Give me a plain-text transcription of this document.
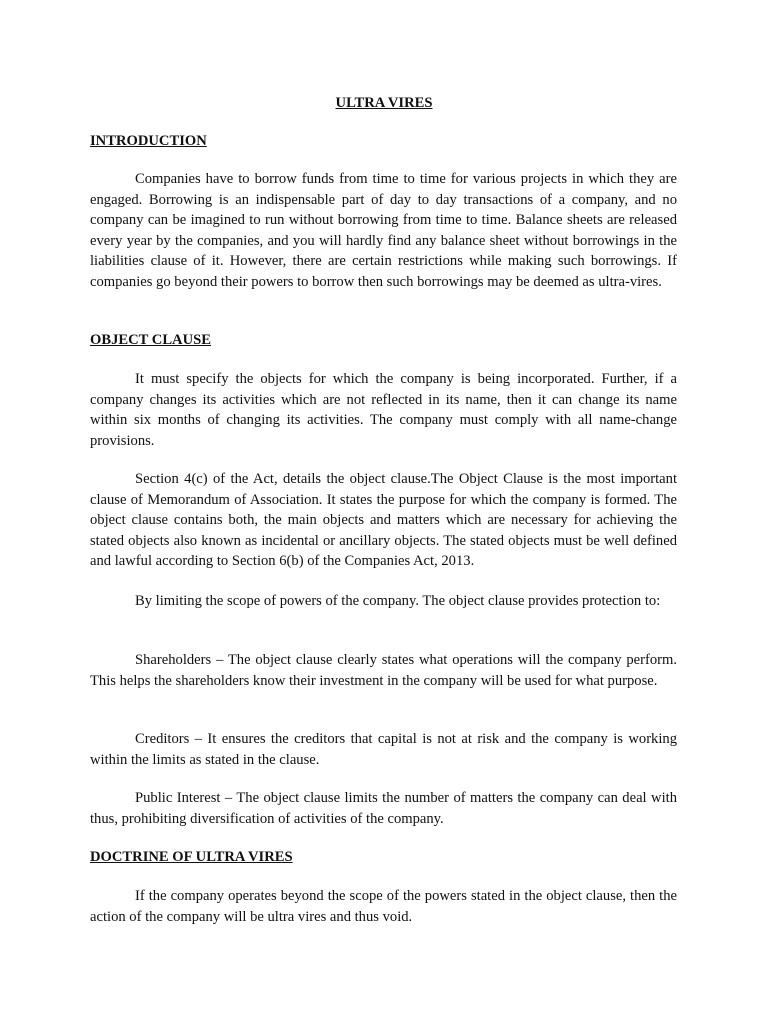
ULTRA VIRES
INTRODUCTION

Companies have to borrow funds from time to time for various projects in which they are engaged. Borrowing is an indispensable part of day to day transactions of a company, and no company can be imagined to run without borrowing from time to time. Balance sheets are released every year by the companies, and you will hardly find any balance sheet without borrowings in the liabilities clause of it. However, there are certain restrictions while making such borrowings. If companies go beyond their powers to borrow then such borrowings may be deemed as ultra-vires.

OBJECT CLAUSE

It must specify the objects for which the company is being incorporated. Further, if a company changes its activities which are not reflected in its name, then it can change its name within six months of changing its activities. The company must comply with all name-change provisions.

Section 4(c) of the Act, details the object clause.The Object Clause is the most important clause of Memorandum of Association. It states the purpose for which the company is formed. The object clause contains both, the main objects and matters which are necessary for achieving the stated objects also known as incidental or ancillary objects. The stated objects must be well defined and lawful according to Section 6(b) of the Companies Act, 2013.

By limiting the scope of powers of the company. The object clause provides protection to:

Shareholders – The object clause clearly states what operations will the company perform. This helps the shareholders know their investment in the company will be used for what purpose.

Creditors – It ensures the creditors that capital is not at risk and the company is working within the limits as stated in the clause.

Public Interest – The object clause limits the number of matters the company can deal with thus, prohibiting diversification of activities of the company.

DOCTRINE OF ULTRA VIRES

If the company operates beyond the scope of the powers stated in the object clause, then the action of the company will be ultra vires and thus void.
